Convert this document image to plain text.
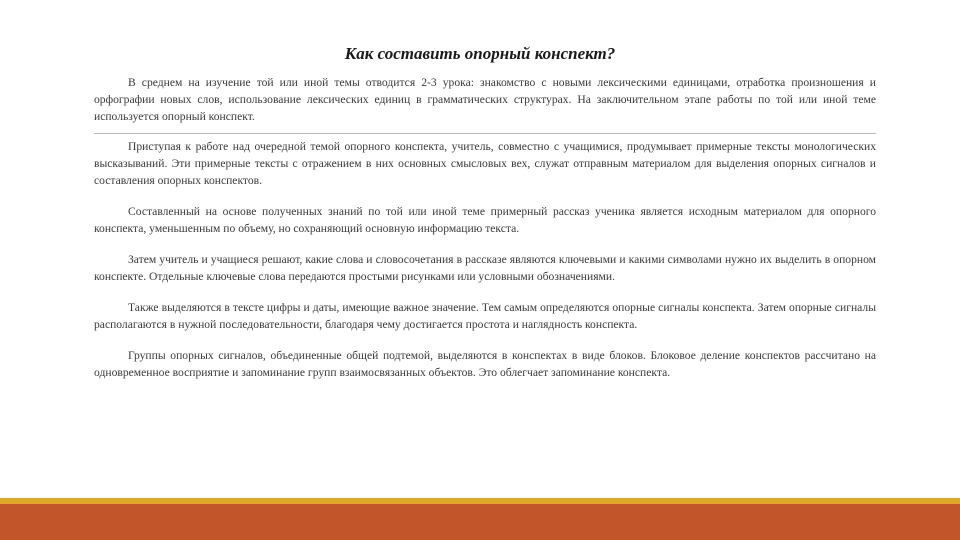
Как составить опорный конспект?

В среднем на изучение той или иной темы отводится 2-3 урока: знакомство с новыми лексическими единицами, отработка произношения и орфографии новых слов, использование лексических единиц в грамматических структурах. На заключительном этапе работы по той или иной теме используется опорный конспект.

Приступая к работе над очередной темой опорного конспекта, учитель, совместно с учащимися, продумывает примерные тексты монологических высказываний. Эти примерные тексты с отражением в них основных смысловых вех, служат отправным материалом для выделения опорных сигналов и составления опорных конспектов.

Составленный на основе полученных знаний по той или иной теме примерный рассказ ученика является исходным материалом для опорного конспекта, уменьшенным по объему, но сохраняющий основную информацию текста.

Затем учитель и учащиеся решают, какие слова и словосочетания в рассказе являются ключевыми и какими символами нужно их выделить в опорном конспекте. Отдельные ключевые слова передаются простыми рисунками или условными обозначениями.

Также выделяются в тексте цифры и даты, имеющие важное значение. Тем самым определяются опорные сигналы конспекта. Затем опорные сигналы располагаются в нужной последовательности, благодаря чему достигается простота и наглядность конспекта.

Группы опорных сигналов, объединенные общей подтемой, выделяются в конспектах в виде блоков. Блоковое деление конспектов рассчитано на одновременное восприятие и запоминание групп взаимосвязанных объектов. Это облегчает запоминание конспекта.
